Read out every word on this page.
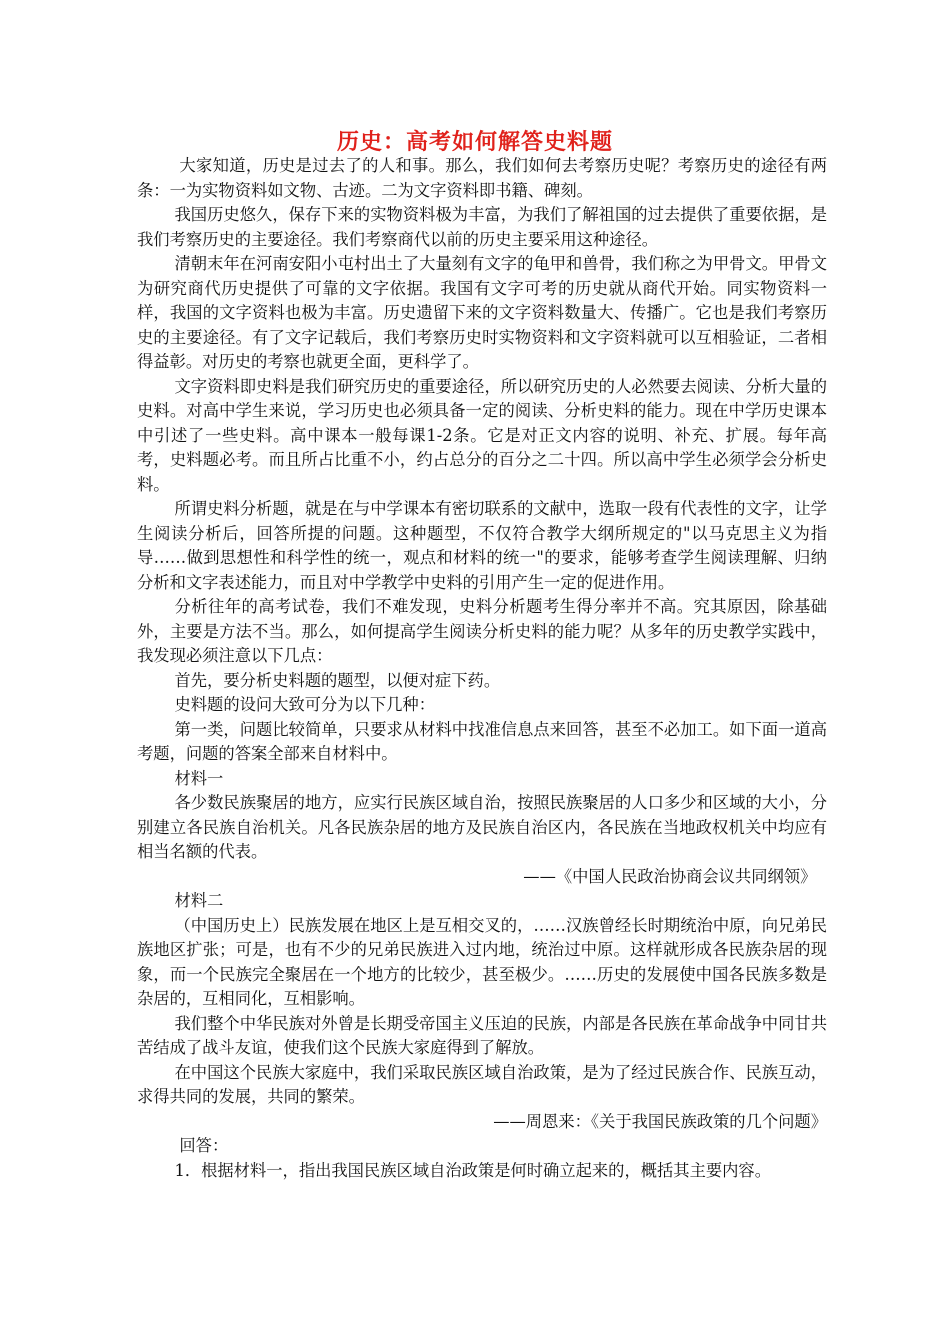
历史：高考如何解答史料题

大家知道，历史是过去了的人和事。那么，我们如何去考察历史呢？考察历史的途径有两条：一为实物资料如文物、古迹。二为文字资料即书籍、碑刻。

我国历史悠久，保存下来的实物资料极为丰富，为我们了解祖国的过去提供了重要依据，是我们考察历史的主要途径。我们考察商代以前的历史主要采用这种途径。

清朝末年在河南安阳小屯村出土了大量刻有文字的龟甲和兽骨，我们称之为甲骨文。甲骨文为研究商代历史提供了可靠的文字依据。我国有文字可考的历史就从商代开始。同实物资料一样，我国的文字资料也极为丰富。历史遗留下来的文字资料数量大、传播广。它也是我们考察历史的主要途径。有了文字记载后，我们考察历史时实物资料和文字资料就可以互相验证，二者相得益彰。对历史的考察也就更全面，更科学了。

文字资料即史料是我们研究历史的重要途径，所以研究历史的人必然要去阅读、分析大量的史料。对高中学生来说，学习历史也必须具备一定的阅读、分析史料的能力。现在中学历史课本中引述了一些史料。高中课本一般每课1-2条。它是对正文内容的说明、补充、扩展。每年高考，史料题必考。而且所占比重不小，约占总分的百分之二十四。所以高中学生必须学会分析史料。

所谓史料分析题，就是在与中学课本有密切联系的文献中，选取一段有代表性的文字，让学生阅读分析后，回答所提的问题。这种题型，不仅符合教学大纲所规定的"以马克思主义为指导……做到思想性和科学性的统一，观点和材料的统一"的要求，能够考查学生阅读理解、归纳分析和文字表述能力，而且对中学教学中史料的引用产生一定的促进作用。

分析往年的高考试卷，我们不难发现，史料分析题考生得分率并不高。究其原因，除基础外，主要是方法不当。那么，如何提高学生阅读分析史料的能力呢？从多年的历史教学实践中，我发现必须注意以下几点：

首先，要分析史料题的题型，以便对症下药。

史料题的设问大致可分为以下几种：

第一类，问题比较简单，只要求从材料中找准信息点来回答，甚至不必加工。如下面一道高考题，问题的答案全部来自材料中。

材料一

各少数民族聚居的地方，应实行民族区域自治，按照民族聚居的人口多少和区域的大小，分别建立各民族自治机关。凡各民族杂居的地方及民族自治区内，各民族在当地政权机关中均应有相当名额的代表。

——《中国人民政治协商会议共同纲领》

材料二

（中国历史上）民族发展在地区上是互相交叉的，……汉族曾经长时期统治中原，向兄弟民族地区扩张；可是，也有不少的兄弟民族进入过内地，统治过中原。这样就形成各民族杂居的现象，而一个民族完全聚居在一个地方的比较少，甚至极少。……历史的发展使中国各民族多数是杂居的，互相同化，互相影响。

我们整个中华民族对外曾是长期受帝国主义压迫的民族，内部是各民族在革命战争中同甘共苦结成了战斗友谊，使我们这个民族大家庭得到了解放。

在中国这个民族大家庭中，我们采取民族区域自治政策，是为了经过民族合作、民族互动，求得共同的发展，共同的繁荣。

——周恩来：《关于我国民族政策的几个问题》

回答：

1．根据材料一，指出我国民族区域自治政策是何时确立起来的，概括其主要内容。
